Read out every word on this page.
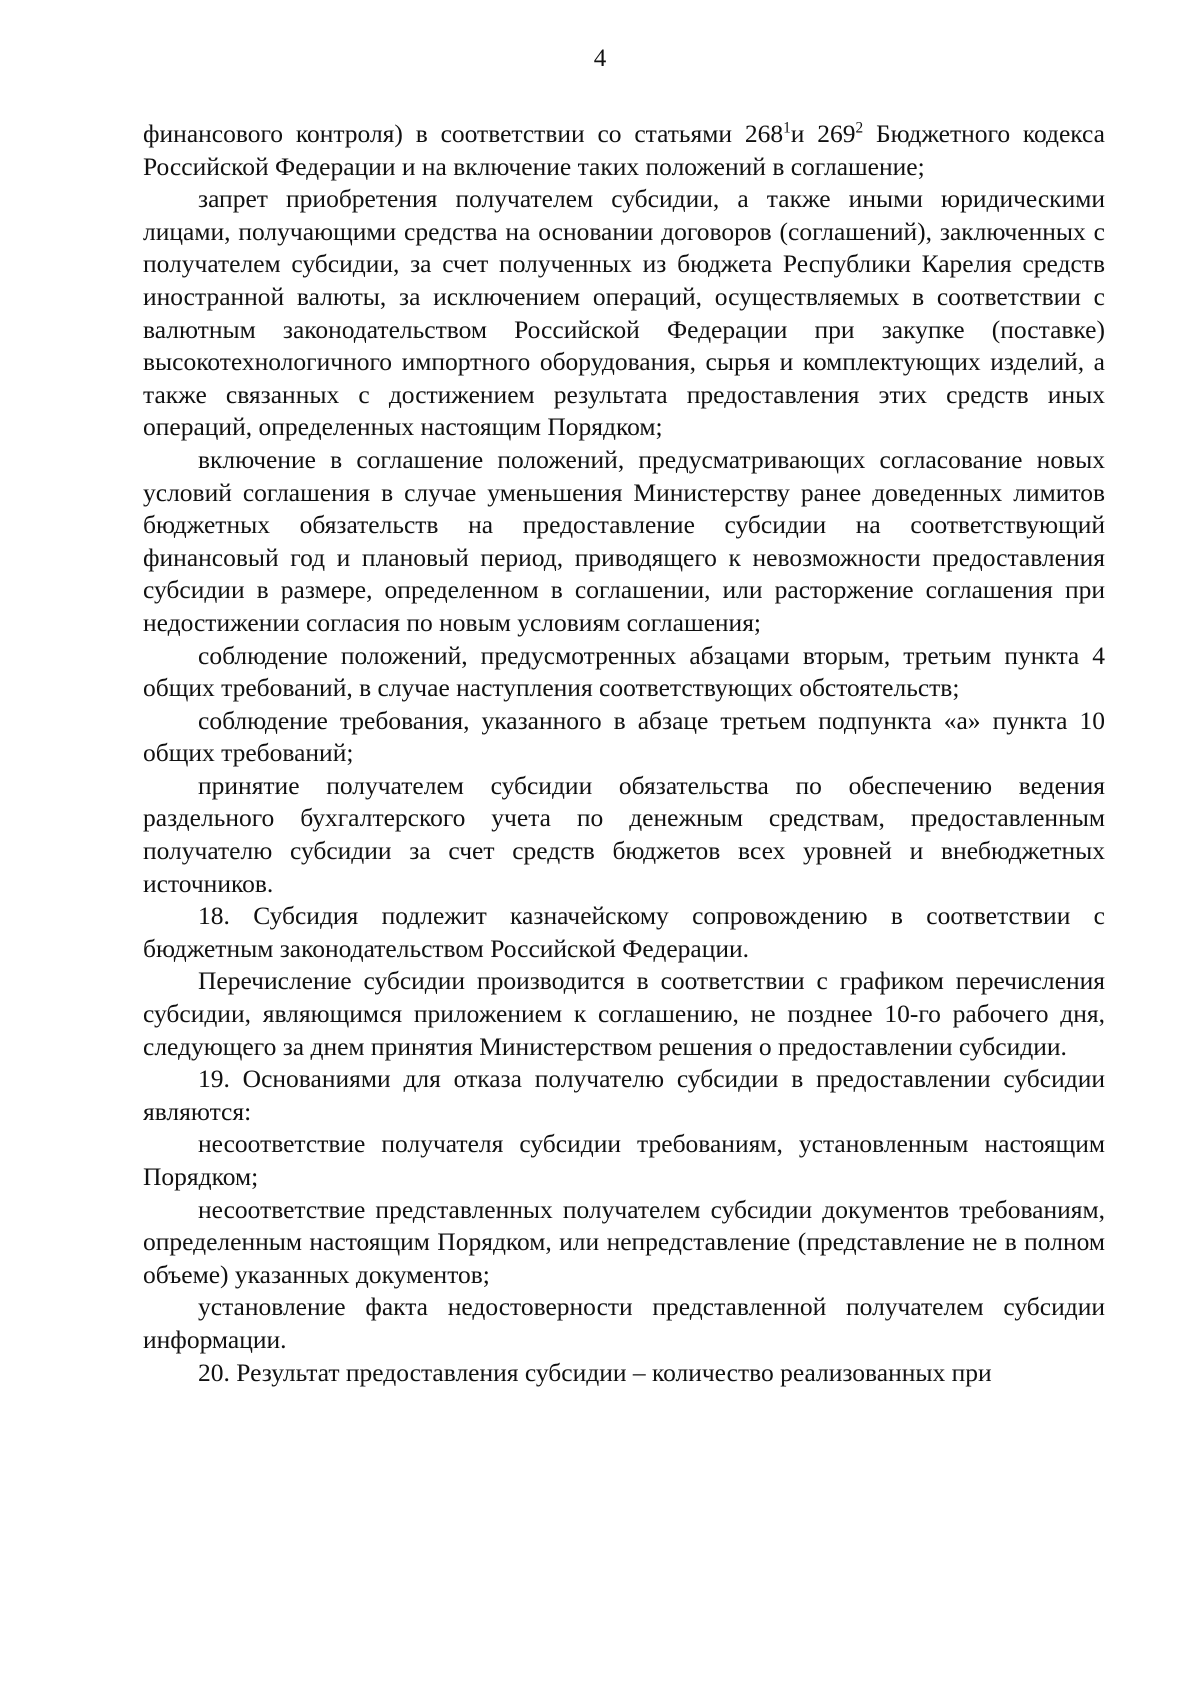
4

финансового контроля) в соответствии со статьями $268^1и$ $269^2$ Бюджетного кодекса Российской Федерации и на включение таких положений в соглашение;

запрет приобретения получателем субсидии, а также иными юридическими лицами, получающими средства на основании договоров (соглашений), заключенных с получателем субсидии, за счет полученных из бюджета Республики Карелия средств иностранной валюты, за исключением операций, осуществляемых в соответствии с валютным законодательством Российской Федерации при закупке (поставке) высокотехнологичного импортного оборудования, сырья и комплектующих изделий, а также связанных с достижением результата предоставления этих средств иных операций, определенных настоящим Порядком;

включение в соглашение положений, предусматривающих согласование новых условий соглашения в случае уменьшения Министерству ранее доведенных лимитов бюджетных обязательств на предоставление субсидии на соответствующий финансовый год и плановый период, приводящего к невозможности предоставления субсидии в размере, определенном в соглашении, или расторжение соглашения при недостижении согласия по новым условиям соглашения;

соблюдение положений, предусмотренных абзацами вторым, третьим пункта 4 общих требований, в случае наступления соответствующих обстоятельств;

соблюдение требования, указанного в абзаце третьем подпункта «а» пункта 10 общих требований;

принятие получателем субсидии обязательства по обеспечению ведения раздельного бухгалтерского учета по денежным средствам, предоставленным получателю субсидии за счет средств бюджетов всех уровней и внебюджетных источников.

18. Субсидия подлежит казначейскому сопровождению в соответствии с бюджетным законодательством Российской Федерации.

Перечисление субсидии производится в соответствии с графиком перечисления субсидии, являющимся приложением к соглашению, не позднее 10-го рабочего дня, следующего за днем принятия Министерством решения о предоставлении субсидии.

19. Основаниями для отказа получателю субсидии в предоставлении субсидии являются:

несоответствие получателя субсидии требованиям, установленным настоящим Порядком;

несоответствие представленных получателем субсидии документов требованиям, определенным настоящим Порядком, или непредставление (представление не в полном объеме) указанных документов;

установление факта недостоверности представленной получателем субсидии информации.

20. Результат предоставления субсидии – количество реализованных при
